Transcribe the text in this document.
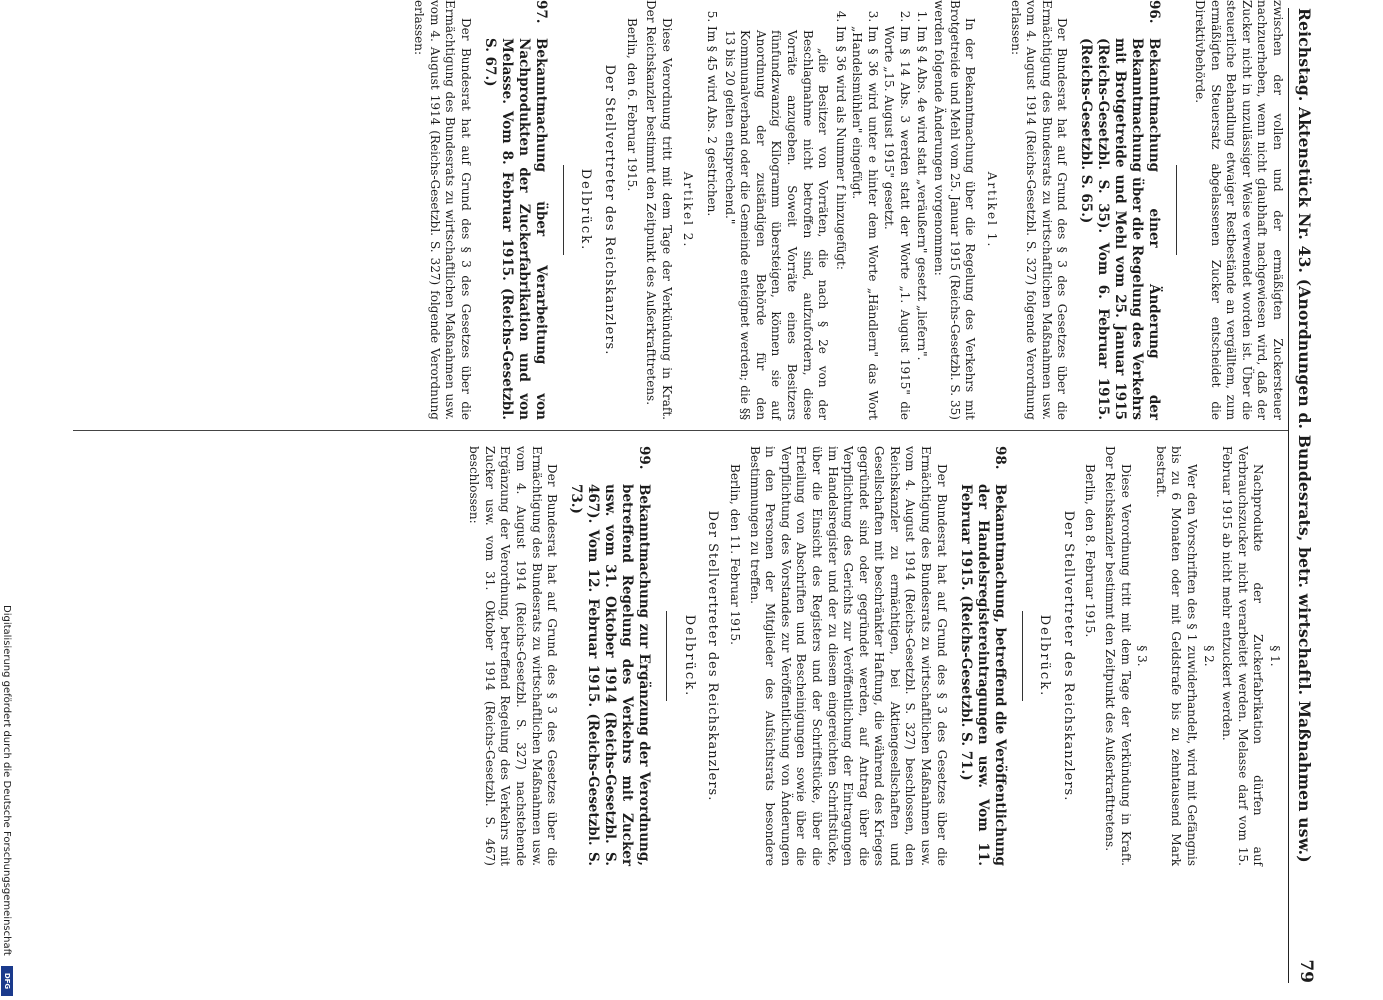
Reichstag. Aktenstück Nr. 43. (Anordnungen d. Bundesrats, betr. wirtschaftl. Maßnahmen usw.)
79

zwischen der vollen und der ermäßigten Zuckersteuer nachzuerheben, wenn nicht glaubhaft nachgewiesen wird, daß der Zucker nicht in unzulässiger Weise verwendet worden ist. Über die steuerliche Behandlung etwaiger Restbestände an vergälltem, zum ermäßigten Steuersatz abgelassenen Zucker entscheidet die Direktivbehörde.

96.
Bekanntmachung einer Änderung der Bekanntmachung über die Regelung des Verkehrs mit Brotgetreide und Mehl vom 25. Januar 1915 (Reichs-Gesetzbl. S. 35). Vom 6. Februar 1915. (Reichs-Gesetzbl. S. 65.)

Der Bundesrat hat auf Grund des § 3 des Gesetzes über die Ermächtigung des Bundesrats zu wirtschaftlichen Maßnahmen usw. vom 4. August 1914 (Reichs-Gesetzbl. S. 327) folgende Verordnung erlassen:

Artikel 1.

In der Bekanntmachung über die Regelung des Verkehrs mit Brotgetreide und Mehl vom 25. Januar 1915 (Reichs-Gesetzbl. S. 35) werden folgende Änderungen vorgenommen:

1. Im § 4 Abs. 4e wird statt „veräußern" gesetzt „liefern".
2. Im § 14 Abs. 3 werden statt der Worte „1. August 1915" die Worte „15. August 1915" gesetzt.
3. Im § 36 wird unter e hinter dem Worte „Händlern" das Wort „Handelsmühlen" eingefügt.
4. Im § 36 wird als Nummer f hinzugefügt:

„die Besitzer von Vorräten, die nach § 2e von der Beschlagnahme nicht betroffen sind, aufzufordern, diese Vorräte anzugeben. Soweit Vorräte eines Besitzers fünfundzwanzig Kilogramm übersteigen, können sie auf Anordnung der zuständigen Behörde für den Kommunalverband oder die Gemeinde enteignet werden; die §§ 13 bis 20 gelten entsprechend."

5. Im § 45 wird Abs. 2 gestrichen.
Artikel 2.

Diese Verordnung tritt mit dem Tage der Verkündung in Kraft. Der Reichskanzler bestimmt den Zeitpunkt des Außerkrafttretens.

Berlin, den 6. Februar 1915.

Der Stellvertreter des Reichskanzlers.
Delbrück.
97.
Bekanntmachung über Verarbeitung von Nachprodukten der Zuckerfabrikation und von Melasse. Vom 8. Februar 1915. (Reichs-Gesetzbl. S. 67.)

Der Bundesrat hat auf Grund des § 3 des Gesetzes über die Ermächtigung des Bundesrats zu wirtschaftlichen Maßnahmen usw. vom 4. August 1914 (Reichs-Gesetzbl. S. 327) folgende Verordnung erlassen:

§ 1.

Nachprodukte der Zuckerfabrikation dürfen auf Verbrauchszucker nicht verarbeitet werden. Melasse darf vom 15. Februar 1915 ab nicht mehr entzuckert werden.

§ 2.

Wer den Vorschriften des § 1 zuwiderhandelt, wird mit Gefängnis bis zu 6 Monaten oder mit Geldstrafe bis zu zehntausend Mark bestraft.

§ 3.

Diese Verordnung tritt mit dem Tage der Verkündung in Kraft. Der Reichskanzler bestimmt den Zeitpunkt des Außerkrafttretens.

Berlin, den 8. Februar 1915.

Der Stellvertreter des Reichskanzlers.
Delbrück.
98.
Bekanntmachung, betreffend die Veröffentlichung der Handelsregistereintragungen usw. Vom 11. Februar 1915. (Reichs-Gesetzbl. S. 71.)

Der Bundesrat hat auf Grund des § 3 des Gesetzes über die Ermächtigung des Bundesrats zu wirtschaftlichen Maßnahmen usw. vom 4. August 1914 (Reichs-Gesetzbl. S. 327) beschlossen, den Reichskanzler zu ermächtigen, bei Aktiengesellschaften und Gesellschaften mit beschränkter Haftung, die während des Krieges gegründet sind oder gegründet werden, auf Antrag über die Verpflichtung des Gerichts zur Veröffentlichung der Eintragungen im Handelsregister und der zu diesem eingereichten Schriftstücke, über die Einsicht des Registers und der Schriftstücke, über die Erteilung von Abschriften und Bescheinigungen sowie über die Verpflichtung des Vorstandes zur Veröffentlichung von Änderungen in den Personen der Mitglieder des Aufsichtsrats besondere Bestimmungen zu treffen.

Berlin, den 11. Februar 1915.

Der Stellvertreter des Reichskanzlers.
Delbrück.
99.
Bekanntmachung zur Ergänzung der Verordnung, betreffend Regelung des Verkehrs mit Zucker usw. vom 31. Oktober 1914 (Reichs-Gesetzbl. S. 467). Vom 12. Februar 1915. (Reichs-Gesetzbl. S. 73.)

Der Bundesrat hat auf Grund des § 3 des Gesetzes über die Ermächtigung des Bundesrats zu wirtschaftlichen Maßnahmen usw. vom 4. August 1914 (Reichs-Gesetzbl. S. 327) nachstehende Ergänzung der Verordnung, betreffend Regelung des Verkehrs mit Zucker usw. vom 31. Oktober 1914 (Reichs-Gesetzbl. S. 467) beschlossen:

Digitalisierung gefördert durch die Deutsche Forschungsgemeinschaft
DFG
